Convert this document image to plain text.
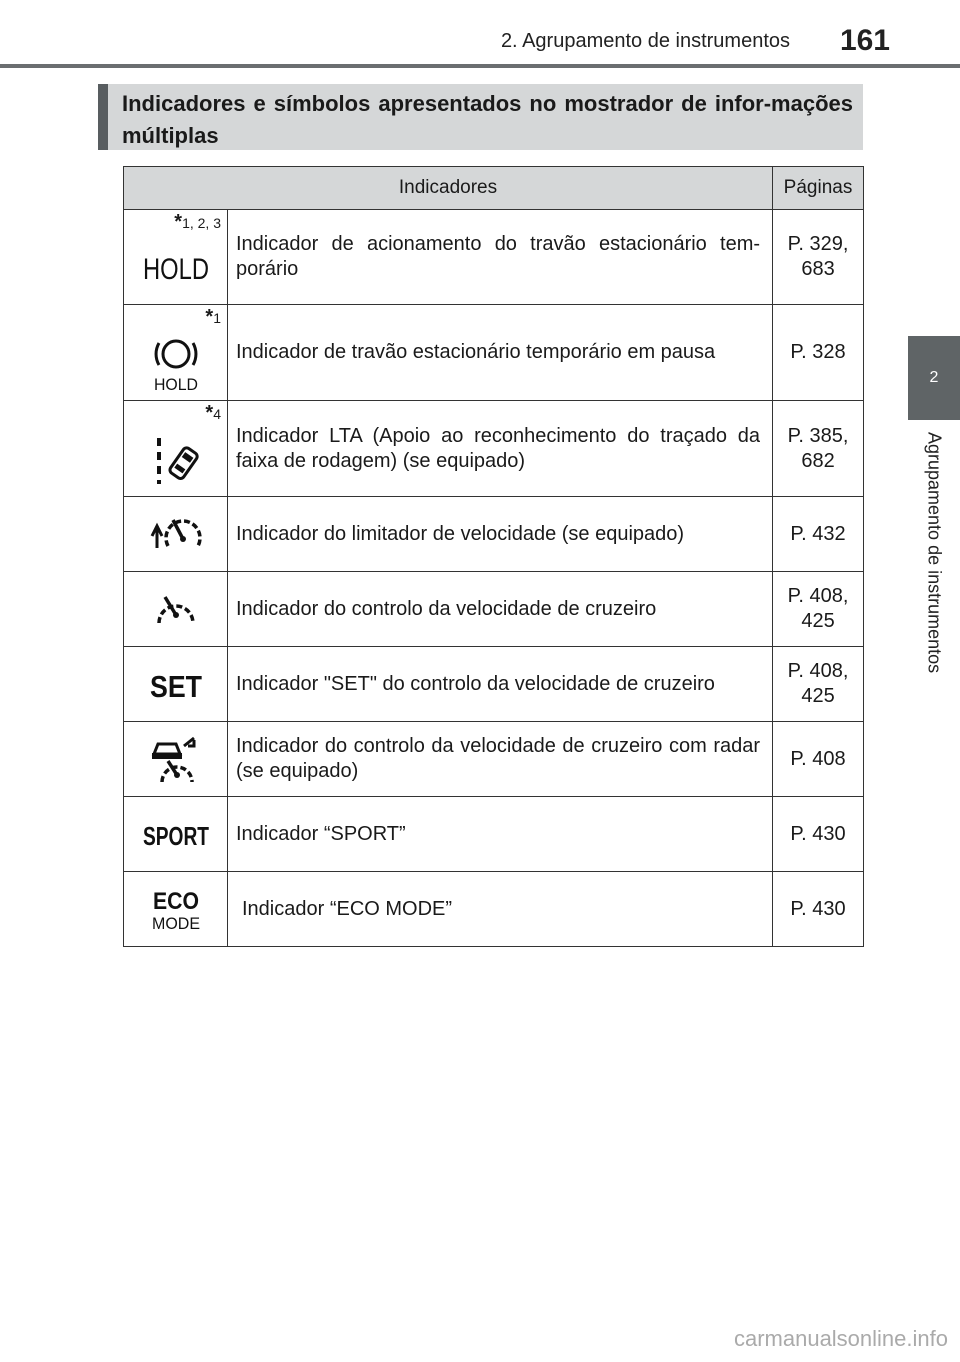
2. Agrupamento de instrumentos 161
2
Agrupamento de instrumentos

Indicadores e símbolos apresentados no mostrador de infor-mações múltiplas

Indicadores		Páginas

*1, 2, 3
HOLD	Indicador de acionamento do travão estacionário tem-porário	P. 329,
683

*1
HOLD	Indicador de travão estacionário temporário em pausa	P. 328

*4	Indicador LTA (Apoio ao reconhecimento do traçado da faixa de rodagem) (se equipado)	P. 385,
682

	Indicador do limitador de velocidade (se equipado)	P. 432

	Indicador do controlo da velocidade de cruzeiro	P. 408,
425

SET	Indicador "SET" do controlo da velocidade de cruzeiro	P. 408,
425

	Indicador do controlo da velocidade de cruzeiro com radar (se equipado)	P. 408

SPORT	Indicador “SPORT”	P. 430

ECO
MODE	Indicador “ECO MODE”	P. 430

carmanualsonline.info
